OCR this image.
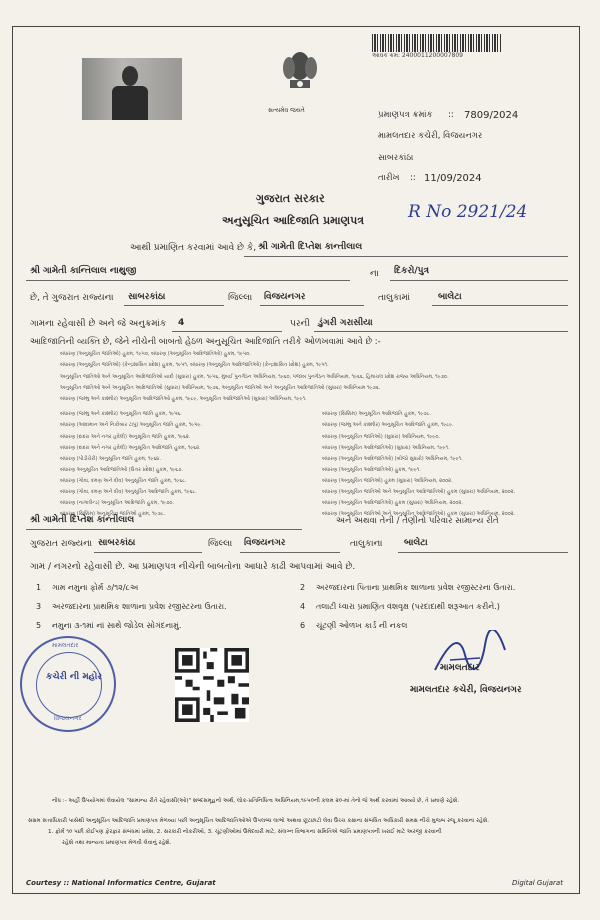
આવક ક્રમ: 2400011200007809
સત્યમેવ જયતે	પ્રમાણપત્ર ક્રમાંક :: 7809/2024
મામલતદાર કચેરી, વિજયનગર
સાબરકાંઠા
તારીખ :: 11/09/2024
R No 2921/24
ગુજરાત સરકાર
અનુસૂચિત આદિજાતિ પ્રમાણપત્ર
આથી પ્રમાણિત કરવામાં આવે છે કે, શ્રી ગામેતી દિપ્તેશ કાન્તીલાલ
શ્રી ગામેતી કાન્તિલાલ નાથુજી	ના દિકરો/પુત્ર
છે, તે ગુજરાત રાજ્યના સાબરકાંઠા	જિલ્લા વિજયનગર	તાલુકામાં	બાલેટા
ગામના રહેવાસી છે અને જે અનુક્રમાંક 4	પરની ડુંગરી ગરાસીયા
આદિજાતિની વ્યક્તિ છે, જેને નીચેની બાબતો હેઠળ અનુસૂચિત આદિજાતિ તરીકે ઓળખવામાં આવે છે :-
બંધારણ (અનુસૂચિત જાતિઓ) હુકમ, ૧૯૫૦, બંધારણ (અનુસૂચિત આદિજાતિઓ) હુકમ, ૧૯૫૦.
બંધારણ (અનુસૂચિત જાતિઓ) (કેન્દ્રશાસિત પ્રદેશ) હુકમ, ૧૯૫૧, બંધારણ (અનુસૂચિત આદિજાતિઓ) (કેન્દ્રશાસિત પ્રદેશ) હુકમ, ૧૯૫૧.
અનુસૂચિત જાતિઓ અને અનુસૂચિત આદિજાતિઓ યાદી (સુધારા) હુકમ, ૧૯૫૬, મુંબઈ પુનર્ગઠન અધિનિયમ, ૧૯૬૦, પંજાબ પુનર્ગઠન અધિનિયમ, ૧૯૬૬, હિમાચલ પ્રદેશ રાજ્ય અધિનિયમ, ૧૯૭૦.
અનુસૂચિત જાતિઓ અને અનુસૂચિત આદિજાતિઓ (સુધારા) અધિનિયમ, ૧૯૭૬, અનુસૂચિત જાતિઓ અને અનુસૂચિત આદિજાતિઓ (સુધારા) અધિનિયમ ૧૯૭૬.
બંધારણ (જમ્મુ અને કાશ્મીર) અનુસૂચિત આદિજાતિઓ હુકમ, ૧૯૮૯, અનુસૂચિત આદિજાતિઓ (સુધારા) અધિનિયમ, ૧૯૯૧.
બંધારણ (જમ્મુ અને કાશ્મીર) અનુસૂચિત જાતિ હુકમ, ૧૯૫૬.
બંધારણ (આંદામાન અને નિકોબાર ટાપુ) અનુસૂચિત જાતિ હુકમ, ૧૯૫૯.
બંધારણ (દાદરા અને નગર હવેલી) અનુસૂચિત જાતિ હુકમ, ૧૯૬૨.
બંધારણ (દાદરા અને નગર હવેલી) અનુસૂચિત આદિજાતિ હુકમ, ૧૯૬૨.
બંધારણ (પોંડીચેરી) અનુસૂચિત જાતિ હુકમ, ૧૯૬૪.
બંધારણ અનુસૂચિત આદિજાતિઓ (ઉત્તર પ્રદેશ) હુકમ, ૧૯૬૭.
બંધારણ (ગોવા, દમણ અને દીવ) અનુસૂચિત જાતિ હુકમ, ૧૯૬૮.
બંધારણ (ગોવા, દમણ અને દીવ) અનુસૂચિત આદિજાતિ હુકમ, ૧૯૬૮.
બંધારણ (નાગાલેન્ડ) અનુસૂચિત આદિજાતિ હુકમ, ૧૯૭૦.
બંધારણ (સિક્કિમ) અનુસૂચિત જાતિઓ હુકમ, ૧૯૭૮.
બંધારણ (સિક્કિમ) અનુસૂચિત આદિજાતિ હુકમ, ૧૯૭૮.
બંધારણ (જમ્મુ અને કાશ્મીર) અનુસૂચિત આદિજાતિ હુકમ, ૧૯૮૯.
બંધારણ (અનુસૂચિત જાતિઓ) (સુધારા) અધિનિયમ, ૧૯૯૦.
બંધારણ (અનુસૂચિત આદિજાતિઓ) (સુધારા) અધિનિયમ, ૧૯૯૧.
બંધારણ (અનુસૂચિત આદિજાતિઓ) (બીજો સુધારો) અધિનિયમ, ૧૯૯૧.
બંધારણ (અનુસૂચિત આદિજાતિઓ) હુકમ, ૧૯૯૧.
બંધારણ (અનુસૂચિત જાતિઓ) હુકમ (સુધારા) અધિનિયમ, ૨૦૦૨.
બંધારણ (અનુસૂચિત જાતિઓ અને અનુસૂચિત આદિજાતિઓ) હુકમ (સુધારા) અધિનિયમ, ૨૦૦૨.
બંધારણ (અનુસૂચિત આદિજાતિઓ) હુકમ (સુધારા) અધિનિયમ, ૨૦૦૨.
બંધારણ (અનુસૂચિત જાતિઓ અને અનુસૂચિત આદિજાતિઓ) હુકમ (સુધારા) અધિનિયમ, ૨૦૦૨.
શ્રી ગામેતી દિપ્તેશ કાન્તીલાલ	અને અથવા તેની / તેણીનો પરિવાર સામાન્ય રીતે
ગુજરાત રાજ્યના સાબરકાંઠા	જિલ્લા વિજયનગર	તાલુકાના બાલેટા
ગામ / નગરનો રહેવાસી છે. આ પ્રમાણપત્ર નીચેની બાબતોના આધારે કાઢી આપવામાં આવે છે.
1 ગામ નમુના ફોર્મ ૭/૧૨/૮અ	2 અરજદારના પિતાના પ્રાથમિક શાળાના પ્રવેશ રજીસ્ટરના ઉતારા.
3 અરજદારના પ્રાથમિક શાળાના પ્રવેશ રજીસ્ટરના ઉતારા.	4 તલાટી ધ્વારા પ્રમાણિત વંશવૃક્ષ (પરદાદાથી શરૂઆત કરીને.)
5 નમુના ૩-૧માં નાં સાથે જોડેલ સોગંદનામું.	6 ચૂંટણી ઓળખ કાર્ડ ની નકલ
મામલતદાર
વિજયનગર
કચેરી ની મહોર
મામલતદાર
મામલતદાર કચેરી, વિજયનગર
નોંધ :- અહીં ઉપયોગમાં લેવાયેલ "સામાન્ય રીતે રહેવાસી(ઓ)" શબ્દસમૂહનો અર્થ, લોક-પ્રતિનિધિત્વ અધિનિયમ,૧૯૫૦ની કલમ ૨૦-માં તેનો જે અર્થ કરવામાં આવ્યો છે, તે પ્રમાણે રહેશે.
સક્ષમ સત્તાધિકારી પાસેથી અનુસૂચિત આદિજાતિ પ્રમાણપત્ર મેળવ્યા પછી અનુસૂચિત આદિજાતિઓએ ઉપલબ્ધ લાભો અથવા છૂટછાટો લેવા ઉચ્ચ કક્ષાના સંબંધિત અધિકારી સમક્ષ નીચે મુજબ રજૂ કરવાના રહેશે.
1. ફોર્મ ૧૦ પછી કોઈપણ ફેરફાર સંબંધમાં પ્રવેશ, 2. સરકારી નોકરીઓ, 3. ચૂંટણીઓમાં ઉમેદવારી માટે, સંલગ્ન વિભાગના સમિતિએ જાતિ પ્રમાણપત્રની ખરાઈ માટે અરજી કરવાની
રહેશે તથા માન્યતા પ્રમાણપત્ર મેળવી લેવાનું રહેશે.
Courtesy :: National Informatics Centre, Gujarat	Digital Gujarat
